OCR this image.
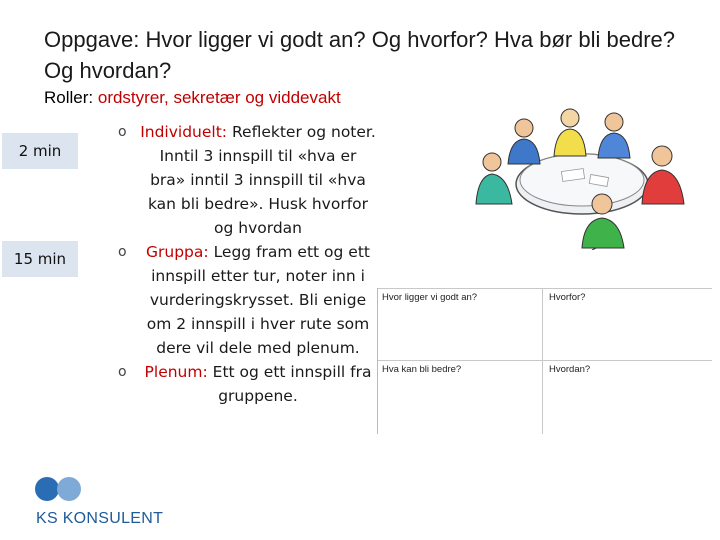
Oppgave: Hvor ligger vi godt an? Og hvorfor? Hva bør bli bedre? Og hvordan?
Roller: ordstyrer, sekretær og viddevakt
2 min
15 min
o Individuelt: Reflekter og noter. Inntil 3 innspill til «hva er bra» inntil 3 innspill til «hva kan bli bedre». Husk hvorfor og hvordan
o Gruppa: Legg fram ett og ett innspill etter tur, noter inn i vurderingskrysset. Bli enige om 2 innspill i hver rute som dere vil dele med plenum.
o Plenum: Ett og ett innspill fra gruppene.
Hvor ligger vi godt an?	Hvorfor?
Hva kan bli bedre?	Hvordan?
KS KONSULENT
